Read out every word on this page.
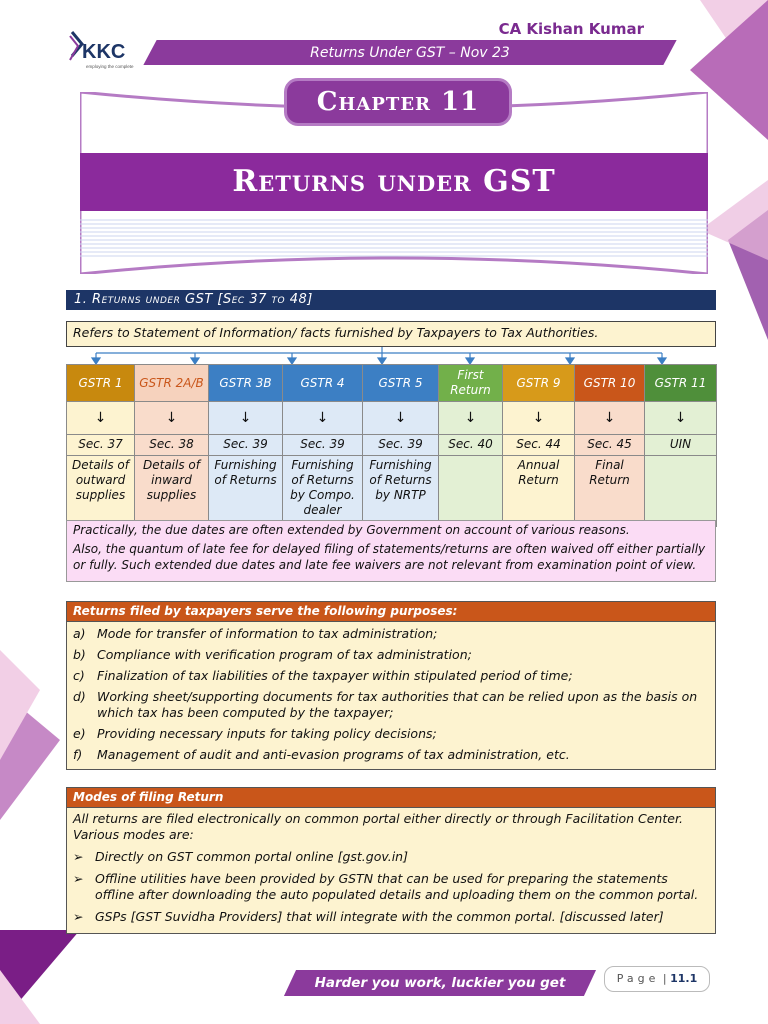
KKC
employing the complete
CA Kishan Kumar
Returns Under GST – Nov 23
Returns under GST
Chapter 11
1. Returns under GST [Sec 37 to 48]
Refers to Statement of Information/ facts furnished by Taxpayers to Tax Authorities.
GSTR 1	GSTR 2A/B	GSTR 3B	GSTR 4	GSTR 5	First Return	GSTR 9	GSTR 10	GSTR 11
↓	↓	↓	↓	↓	↓	↓	↓	↓
Sec. 37	Sec. 38	Sec. 39	Sec. 39	Sec. 39	Sec. 40	Sec. 44	Sec. 45	UIN
Details of outward supplies	Details of inward supplies	Furnishing of Returns	Furnishing of Returns by Compo. dealer	Furnishing of Returns by NRTP		Annual Return	Final Return	

Practically, the due dates are often extended by Government on account of various reasons.

Also, the quantum of late fee for delayed filing of statements/returns are often waived off either partially or fully. Such extended due dates and late fee waivers are not relevant from examination point of view.

Returns filed by taxpayers serve the following purposes:
a) Mode for transfer of information to tax administration;
b) Compliance with verification program of tax administration;
c) Finalization of tax liabilities of the taxpayer within stipulated period of time;
d) Working sheet/supporting documents for tax authorities that can be relied upon as the basis on which tax has been computed by the taxpayer;
e) Providing necessary inputs for taking policy decisions;
f)	Management of audit and anti-evasion programs of tax administration, etc.
Modes of filing Return
All returns are filed electronically on common portal either directly or through Facilitation Center. Various modes are:
➢ Directly on GST common portal online [gst.gov.in]
➢ Offline utilities have been provided by GSTN that can be used for preparing the statements offline after downloading the auto populated details and uploading them on the common portal.
➢ GSPs [GST Suvidha Providers] that will integrate with the common portal. [discussed later]
Harder you work, luckier you get	Page | 11.1
